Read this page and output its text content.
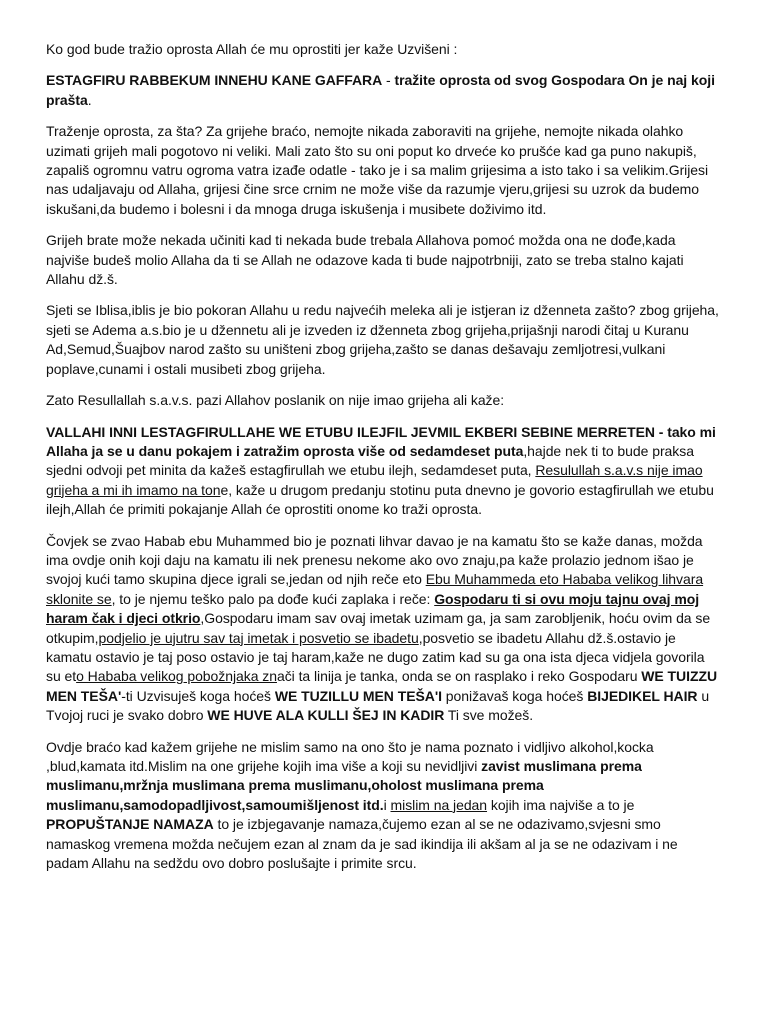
Ko god bude tražio oprosta Allah će mu oprostiti jer kaže Uzvišeni :

ESTAGFIRU RABBEKUM INNEHU KANE GAFFARA - tražite oprosta od svog Gospodara On je naj koji prašta.

Traženje oprosta, za šta? Za grijehe braćo, nemojte nikada zaboraviti na grijehe, nemojte nikada olahko uzimati grijeh mali pogotovo ni veliki. Mali zato što su oni poput ko drveće ko prušće kad ga puno nakupiš, zapališ ogromnu vatru ogroma vatra izađe odatle - tako je i sa malim grijesima a isto tako i sa velikim.Grijesi nas udaljavaju od Allaha, grijesi čine srce crnim ne može više da razumje vjeru,grijesi su uzrok da budemo iskušani,da budemo i bolesni i da mnoga druga iskušenja i musibete doživimo itd.

Grijeh brate može nekada učiniti kad ti nekada bude trebala Allahova pomoć možda ona ne dođe,kada najviše budeš molio Allaha da ti se Allah ne odazove kada ti bude najpotrbniji, zato se treba stalno kajati Allahu dž.š.

Sjeti se Iblisa,iblis je bio pokoran Allahu u redu najvećih meleka ali je istjeran iz dženneta zašto? zbog grijeha, sjeti se Adema a.s.bio je u džennetu ali je izveden iz dženneta zbog grijeha,prijašnji narodi čitaj u Kuranu Ad,Semud,Šuajbov narod zašto su uništeni zbog grijeha,zašto se danas dešavaju zemljotresi,vulkani poplave,cunami i ostali musibeti zbog grijeha.

Zato Resullallah s.a.v.s. pazi Allahov poslanik on nije imao grijeha ali kaže:

VALLAHI INNI LESTAGFIRULLAHE WE ETUBU ILEJFIL JEVMIL EKBERI SEBINE MERRETEN - tako mi Allaha ja se u danu pokajem i zatražim oprosta više od sedamdeset puta,hajde nek ti to bude praksa sjedni odvoji pet minita da kažeš estagfirullah we etubu ilejh, sedamdeset puta, Resulullah s.a.v.s nije imao grijeha a mi ih imamo na tone, kaže u drugom predanju stotinu puta dnevno je govorio estagfirullah we etubu ilejh,Allah će primiti pokajanje Allah će oprostiti onome ko traži oprosta.

Čovjek se zvao Habab ebu Muhammed bio je poznati lihvar davao je na kamatu što se kaže danas, možda ima ovdje onih koji daju na kamatu ili nek prenesu nekome ako ovo znaju,pa kaže prolazio jednom išao je svojoj kući tamo skupina djece igrali se,jedan od njih reče eto Ebu Muhammeda eto Hababa velikog lihvara sklonite se, to je njemu teško palo pa dođe kući zaplaka i reče: Gospodaru ti si ovu moju tajnu ovaj moj haram čak i djeci otkrio,Gospodaru imam sav ovaj imetak uzimam ga, ja sam zarobljenik, hoću ovim da se otkupim,podjelio je ujutru sav taj imetak i posvetio se ibadetu,posvetio se ibadetu Allahu dž.š.ostavio je kamatu ostavio je taj poso ostavio je taj haram,kaže ne dugo zatim kad su ga ona ista djeca vidjela govorila su eto Hababa velikog pobožnjaka znači ta linija je tanka, onda se on rasplako i reko Gospodaru WE TUIZZU MEN TEŠA'-ti Uzvisuješ koga hoćeš WE TUZILLU MEN TEŠA'I ponižavaš koga hoćeš BIJEDIKEL HAIR u Tvojoj ruci je svako dobro WE HUVE ALA KULLI ŠEJ IN KADIR Ti sve možeš.

Ovdje braćo kad kažem grijehe ne mislim samo na ono što je nama poznato i vidljivo alkohol,kocka ,blud,kamata itd.Mislim na one grijehe kojih ima više a koji su nevidljivi zavist muslimana prema muslimanu,mržnja muslimana prema muslimanu,oholost muslimana prema muslimanu,samodopadljivost,samoumišljenost itd.i mislim na jedan kojih ima najviše a to je PROPUŠTANJE NAMAZA to je izbjegavanje namaza,čujemo ezan al se ne odazivamo,svjesni smo namaskog vremena možda nečujem ezan al znam da je sad ikindija ili akšam al ja se ne odazivam i ne padam Allahu na sedždu ovo dobro poslušajte i primite srcu.
